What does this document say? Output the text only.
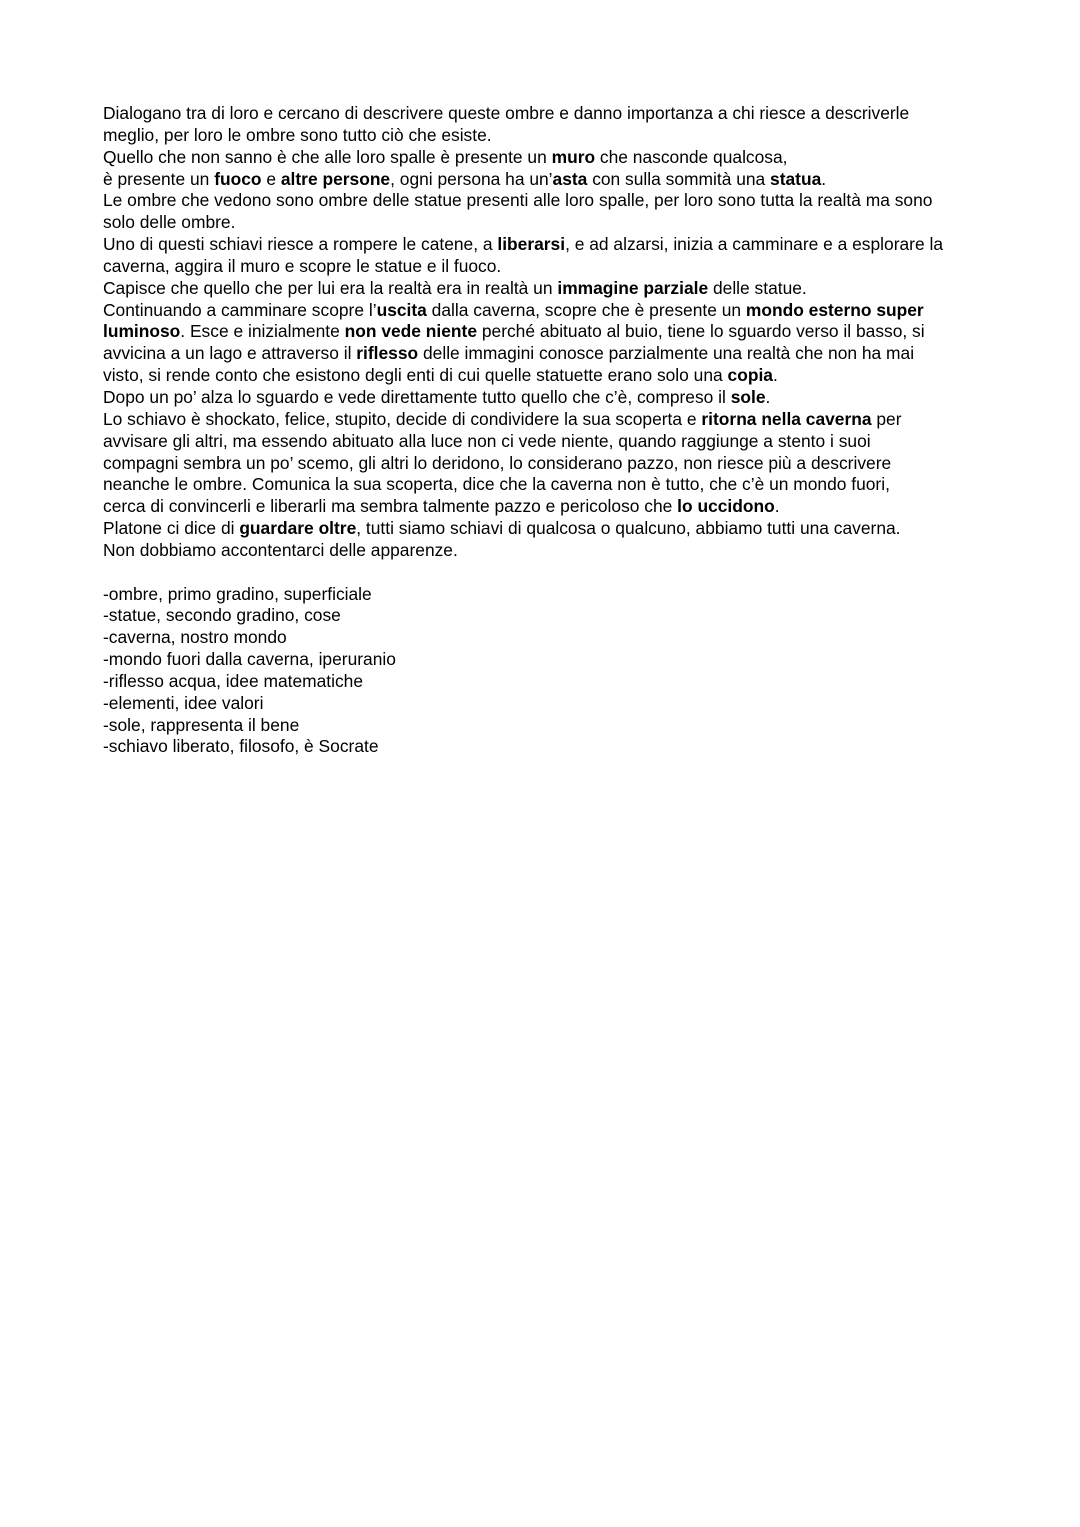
Dialogano tra di loro e cercano di descrivere queste ombre e danno importanza a chi riesce a descriverle
meglio, per loro le ombre sono tutto ciò che esiste.
Quello che non sanno è che alle loro spalle è presente un muro che nasconde qualcosa,
è presente un fuoco e altre persone, ogni persona ha un’asta con sulla sommità una statua.
Le ombre che vedono sono ombre delle statue presenti alle loro spalle, per loro sono tutta la realtà ma sono
solo delle ombre.
Uno di questi schiavi riesce a rompere le catene, a liberarsi, e ad alzarsi, inizia a camminare e a esplorare la
caverna, aggira il muro e scopre le statue e il fuoco.
Capisce che quello che per lui era la realtà era in realtà un immagine parziale delle statue.
Continuando a camminare scopre l’uscita dalla caverna, scopre che è presente un mondo esterno super
luminoso. Esce e inizialmente non vede niente perché abituato al buio, tiene lo sguardo verso il basso, si
avvicina a un lago e attraverso il riflesso delle immagini conosce parzialmente una realtà che non ha mai
visto, si rende conto che esistono degli enti di cui quelle statuette erano solo una copia.
Dopo un po’ alza lo sguardo e vede direttamente tutto quello che c’è, compreso il sole.
Lo schiavo è shockato, felice, stupito, decide di condividere la sua scoperta e ritorna nella caverna per
avvisare gli altri, ma essendo abituato alla luce non ci vede niente, quando raggiunge a stento i suoi
compagni sembra un po’ scemo, gli altri lo deridono, lo considerano pazzo, non riesce più a descrivere
neanche le ombre. Comunica la sua scoperta, dice che la caverna non è tutto, che c’è un mondo fuori,
cerca di convincerli e liberarli ma sembra talmente pazzo e pericoloso che lo uccidono.
Platone ci dice di guardare oltre, tutti siamo schiavi di qualcosa o qualcuno, abbiamo tutti una caverna.
Non dobbiamo accontentarci delle apparenze.
-ombre, primo gradino, superficiale
-statue, secondo gradino, cose
-caverna, nostro mondo
-mondo fuori dalla caverna, iperuranio
-riflesso acqua, idee matematiche
-elementi, idee valori
-sole, rappresenta il bene
-schiavo liberato, filosofo, è Socrate
